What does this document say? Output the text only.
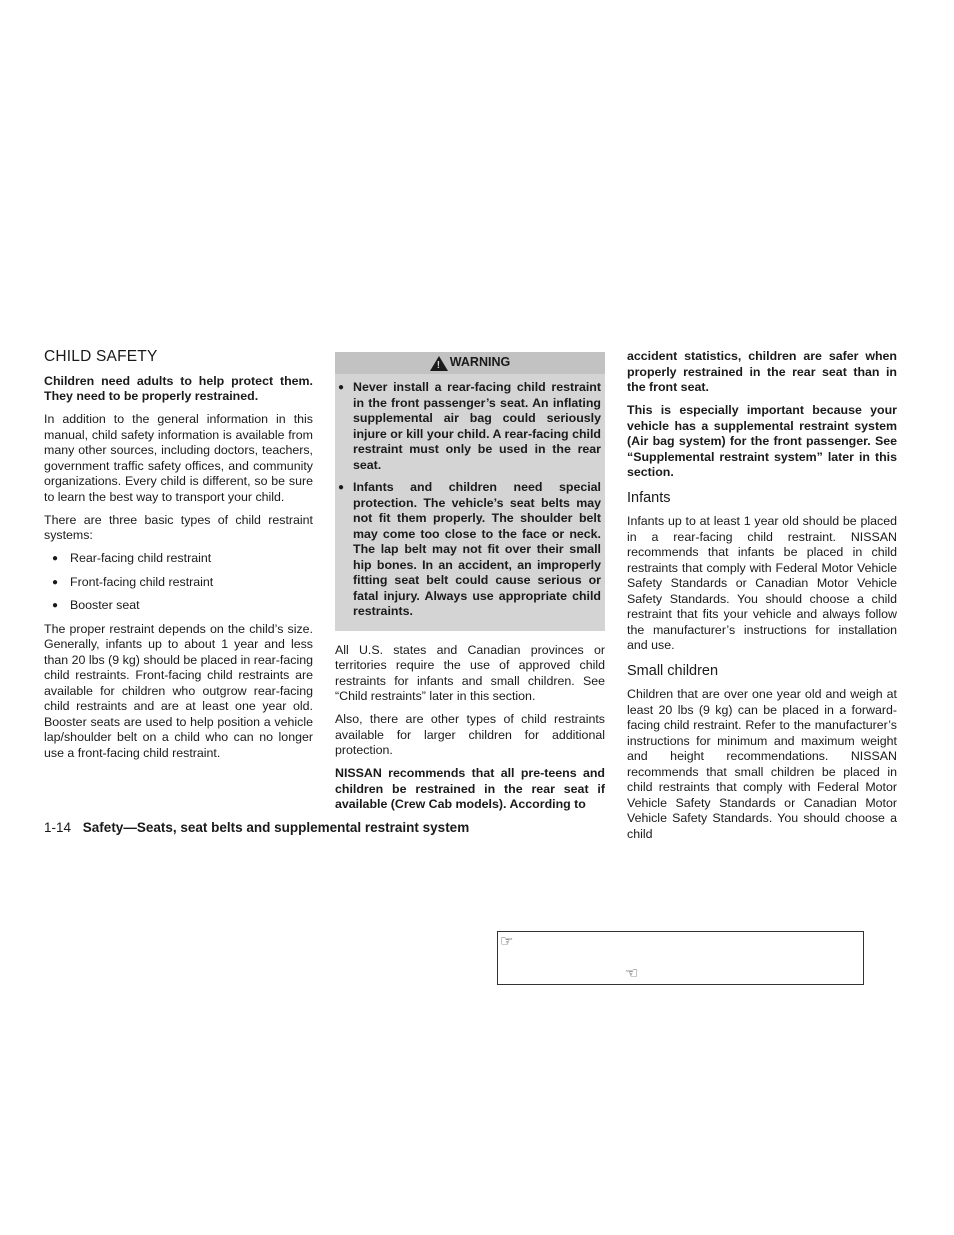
CHILD SAFETY

Children need adults to help protect them. They need to be properly restrained.

In addition to the general information in this manual, child safety information is available from many other sources, including doctors, teachers, government traffic safety offices, and community organizations. Every child is different, so be sure to learn the best way to transport your child.

There are three basic types of child restraint systems:

● Rear-facing child restraint
● Front-facing child restraint
● Booster seat

The proper restraint depends on the child’s size. Generally, infants up to about 1 year and less than 20 lbs (9 kg) should be placed in rear-facing child restraints. Front-facing child restraints are available for children who outgrow rear-facing child restraints and are at least one year old. Booster seats are used to help position a vehicle lap/shoulder belt on a child who can no longer use a front-facing child restraint.

!
WARNING
● Never install a rear-facing child restraint in the front passenger’s seat. An inflating supplemental air bag could seriously injure or kill your child. A rear-facing child restraint must only be used in the rear seat.
● Infants and children need special protection. The vehicle’s seat belts may not fit them properly. The shoulder belt may come too close to the face or neck. The lap belt may not fit over their small hip bones. In an accident, an improperly fitting seat belt could cause serious or fatal injury. Always use appropriate child restraints.

All U.S. states and Canadian provinces or territories require the use of approved child restraints for infants and small children. See “Child restraints” later in this section.

Also, there are other types of child restraints available for larger children for additional protection.

NISSAN recommends that all pre-teens and children be restrained in the rear seat if available (Crew Cab models). According to

accident statistics, children are safer when properly restrained in the rear seat than in the front seat.

This is especially important because your vehicle has a supplemental restraint system (Air bag system) for the front passenger. See “Supplemental restraint system” later in this section.

Infants

Infants up to at least 1 year old should be placed in a rear-facing child restraint. NISSAN recommends that infants be placed in child restraints that comply with Federal Motor Vehicle Safety Standards or Canadian Motor Vehicle Safety Standards. You should choose a child restraint that fits your vehicle and always follow the manufacturer’s instructions for installation and use.

Small children

Children that are over one year old and weigh at least 20 lbs (9 kg) can be placed in a forward-facing child restraint. Refer to the manufacturer’s instructions for minimum and maximum weight and height recommendations. NISSAN recommends that small children be placed in child restraints that comply with Federal Motor Vehicle Safety Standards or Canadian Motor Vehicle Safety Standards. You should choose a child

1-14 Safety—Seats, seat belts and supplemental restraint system
☞
☜
